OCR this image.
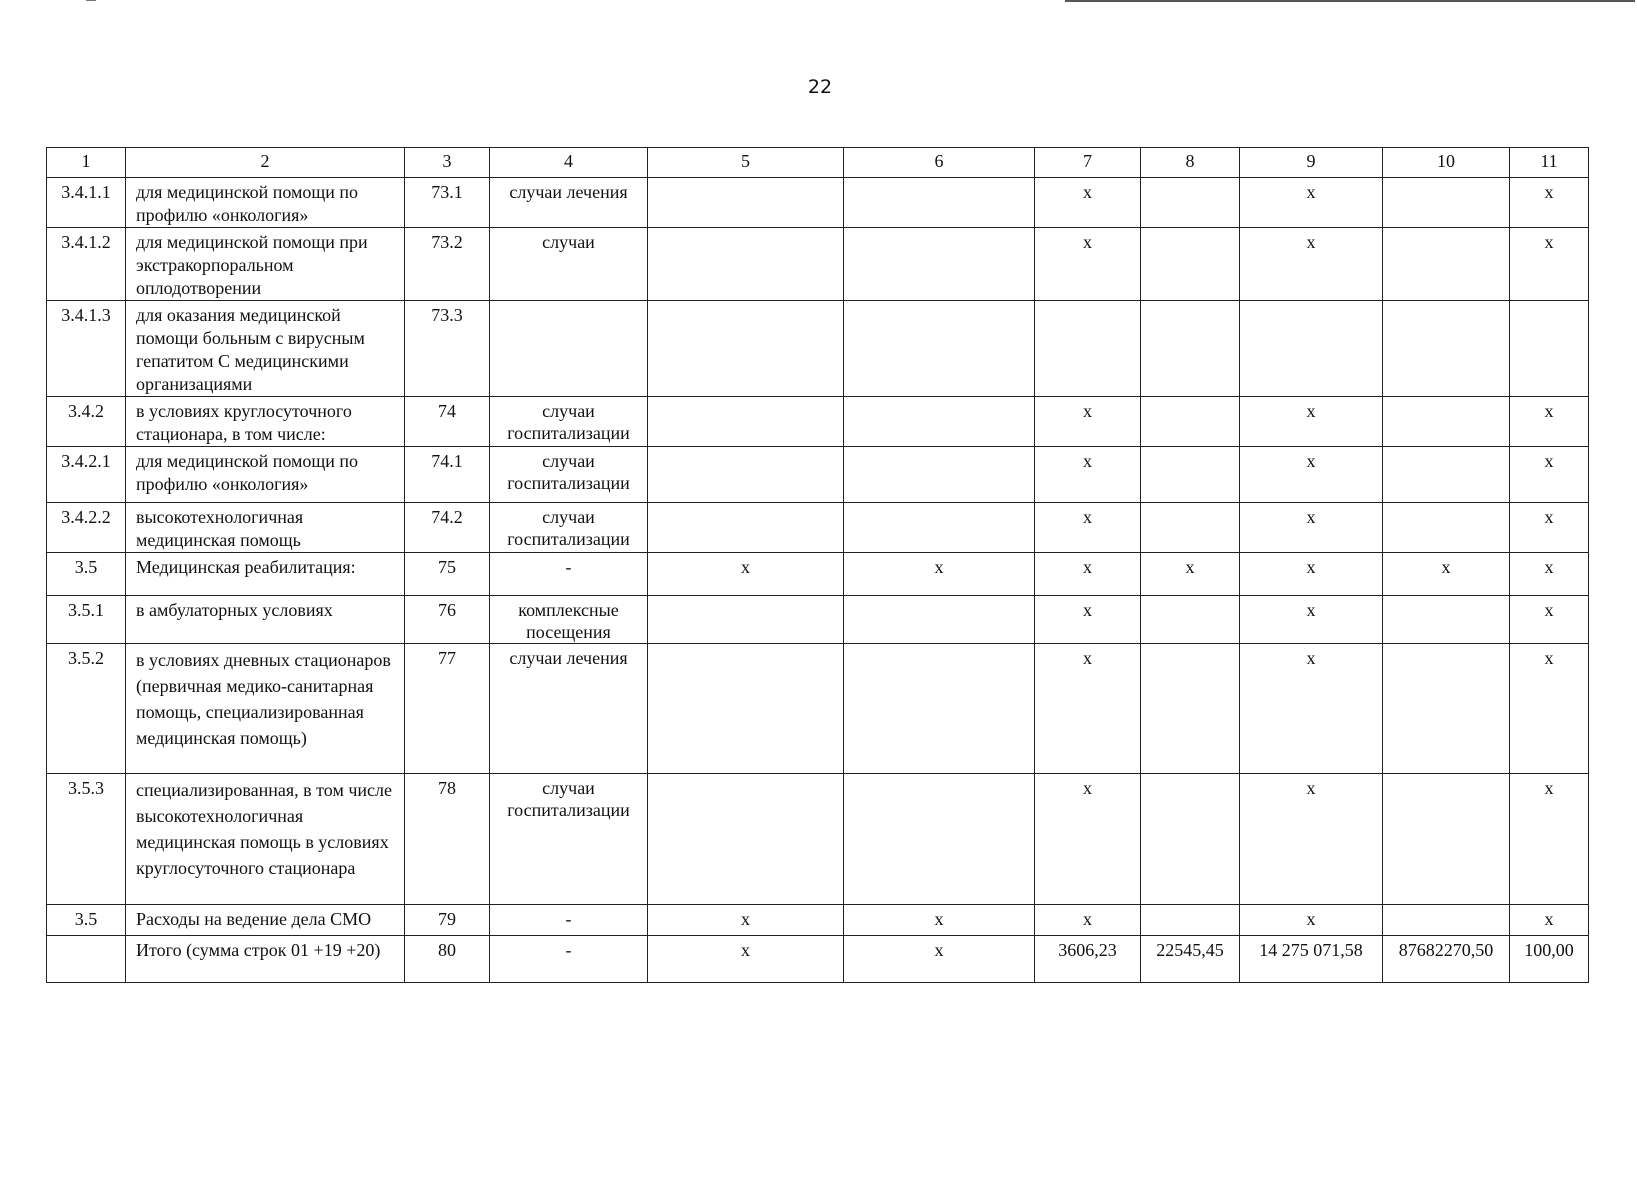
22
1	2	3	4	5	6	7	8	9	10	11
3.4.1.1	для медицинской помощи по профилю «онкология»	73.1	случаи лечения			х		х		х
3.4.1.2	для медицинской помощи при экстракорпоральном оплодотворении	73.2	случаи			х		х		х
3.4.1.3	для оказания медицинской помощи больным с вирусным гепатитом С медицинскими организациями	73.3								
3.4.2	в условиях круглосуточного стационара, в том числе:	74	случаи госпитализации			х		х		х
3.4.2.1	для медицинской помощи по профилю «онкология»	74.1	случаи госпитализации			х		х		х
3.4.2.2	высокотехнологичная медицинская помощь	74.2	случаи госпитализации			х		х		х
3.5	Медицинская реабилитация:	75	-	х	х	х	х	х	х	х
3.5.1	в амбулаторных условиях	76	комплексные посещения			х		х		х
3.5.2	в условиях дневных стационаров (первичная медико-санитарная помощь, специализированная медицинская помощь)	77	случаи лечения			х		х		х
3.5.3	специализированная, в том числе высокотехнологичная медицинская помощь в условиях круглосуточного стационара	78	случаи госпитализации			х		х		х
3.5	Расходы на ведение дела СМО	79	-	х	х	х		х		х
	Итого (сумма строк 01 +19 +20)	80	-	х	х	3606,23	22545,45	14 275 071,58	87682270,50	100,00
